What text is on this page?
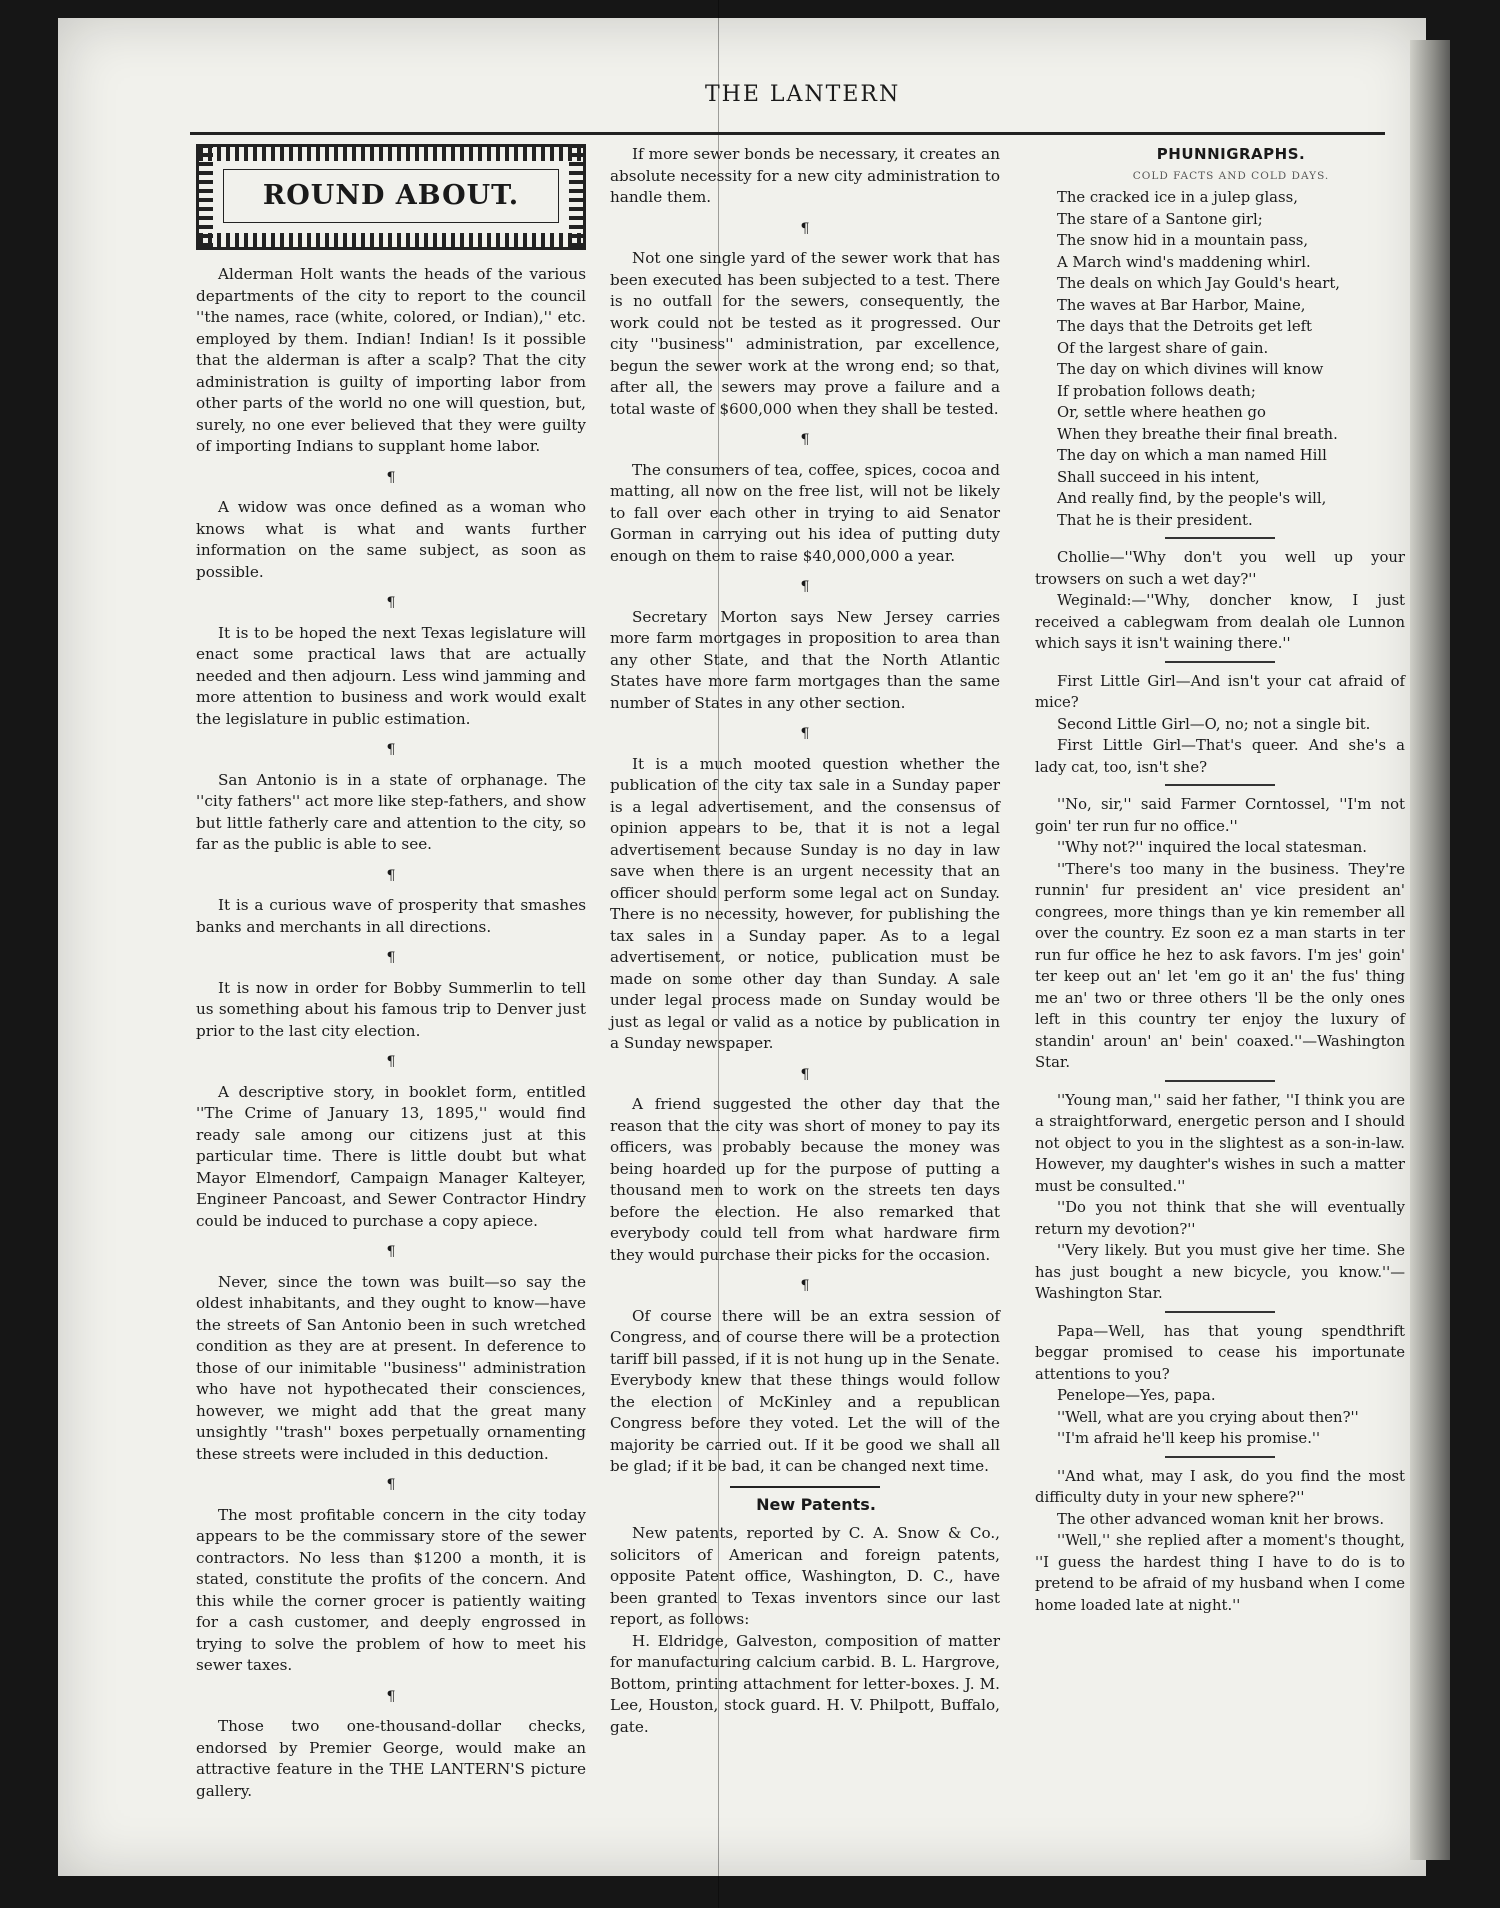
THE LANTERN
ROUND ABOUT.

Alderman Holt wants the heads of the various departments of the city to report to the council ''the names, race (white, colored, or Indian),'' etc. employed by them. Indian! Indian! Is it possible that the alderman is after a scalp? That the city administration is guilty of importing labor from other parts of the world no one will question, but, surely, no one ever believed that they were guilty of importing Indians to supplant home labor.

¶

A widow was once defined as a woman who knows what is what and wants further information on the same subject, as soon as possible.

¶

It is to be hoped the next Texas legislature will enact some practical laws that are actually needed and then adjourn. Less wind jamming and more attention to business and work would exalt the legislature in public estimation.

¶

San Antonio is in a state of orphanage. The ''city fathers'' act more like step-fathers, and show but little fatherly care and attention to the city, so far as the public is able to see.

¶

It is a curious wave of prosperity that smashes banks and merchants in all directions.

¶

It is now in order for Bobby Summerlin to tell us something about his famous trip to Denver just prior to the last city election.

¶

A descriptive story, in booklet form, entitled ''The Crime of January 13, 1895,'' would find ready sale among our citizens just at this particular time. There is little doubt but what Mayor Elmendorf, Campaign Manager Kalteyer, Engineer Pancoast, and Sewer Contractor Hindry could be induced to purchase a copy apiece.

¶

Never, since the town was built—so say the oldest inhabitants, and they ought to know—have the streets of San Antonio been in such wretched condition as they are at present. In deference to those of our inimitable ''business'' administration who have not hypothecated their consciences, however, we might add that the great many unsightly ''trash'' boxes perpetually ornamenting these streets were included in this deduction.

¶

The most profitable concern in the city today appears to be the commissary store of the sewer contractors. No less than $1200 a month, it is stated, constitute the profits of the concern. And this while the corner grocer is patiently waiting for a cash customer, and deeply engrossed in trying to solve the problem of how to meet his sewer taxes.

¶

Those two one-thousand-dollar checks, endorsed by Premier George, would make an attractive feature in the THE LANTERN'S picture gallery.

If more sewer bonds be necessary, it creates an absolute necessity for a new city administration to handle them.

¶

Not one single yard of the sewer work that has been executed has been subjected to a test. There is no outfall for the sewers, consequently, the work could not be tested as it progressed. Our city ''business'' administration, par excellence, begun the sewer work at the wrong end; so that, after all, the sewers may prove a failure and a total waste of $600,000 when they shall be tested.

¶

The consumers of tea, coffee, spices, cocoa and matting, all now on the free list, will not be likely to fall over each other in trying to aid Senator Gorman in carrying out his idea of putting duty enough on them to raise $40,000,000 a year.

¶

Secretary Morton says New Jersey carries more farm mortgages in proposition to area than any other State, and that the North Atlantic States have more farm mortgages than the same number of States in any other section.

¶

It is a much mooted question whether the publication of the city tax sale in a Sunday paper is a legal advertisement, and the consensus of opinion appears to be, that it is not a legal advertisement because Sunday is no day in law save when there is an urgent necessity that an officer should perform some legal act on Sunday. There is no necessity, however, for publishing the tax sales in a Sunday paper. As to a legal advertisement, or notice, publication must be made on some other day than Sunday. A sale under legal process made on Sunday would be just as legal or valid as a notice by publication in a Sunday newspaper.

¶

A friend suggested the other day that the reason that the city was short of money to pay its officers, was probably because the money was being hoarded up for the purpose of putting a thousand men to work on the streets ten days before the election. He also remarked that everybody could tell from what hardware firm they would purchase their picks for the occasion.

¶

Of course there will be an extra session of Congress, and of course there will be a protection tariff bill passed, if it is not hung up in the Senate. Everybody knew that these things would follow the election of McKinley and a republican Congress before they voted. Let the will of the majority be carried out. If it be good we shall all be glad; if it be bad, it can be changed next time.

New Patents.

New patents, reported by C. A. Snow & Co., solicitors of American and foreign patents, opposite Patent office, Washington, D. C., have been granted to Texas inventors since our last report, as follows:

H. Eldridge, Galveston, composition of matter for manufacturing calcium carbid. B. L. Hargrove, Bottom, printing attachment for letter-boxes. J. M. Lee, Houston, stock guard. H. V. Philpott, Buffalo, gate.

PHUNNIGRAPHS.

COLD FACTS AND COLD DAYS.

The cracked ice in a julep glass,

The stare of a Santone girl;

The snow hid in a mountain pass,

A March wind's maddening whirl.

The deals on which Jay Gould's heart,

The waves at Bar Harbor, Maine,

The days that the Detroits get left

Of the largest share of gain.

The day on which divines will know

If probation follows death;

Or, settle where heathen go

When they breathe their final breath.

The day on which a man named Hill

Shall succeed in his intent,

And really find, by the people's will,

That he is their president.

Chollie—''Why don't you well up your trowsers on such a wet day?''

Weginald:—''Why, doncher know, I just received a cablegwam from dealah ole Lunnon which says it isn't waining there.''

First Little Girl—And isn't your cat afraid of mice?

Second Little Girl—O, no; not a single bit.

First Little Girl—That's queer. And she's a lady cat, too, isn't she?

''No, sir,'' said Farmer Corntossel, ''I'm not goin' ter run fur no office.''

''Why not?'' inquired the local statesman.

''There's too many in the business. They're runnin' fur president an' vice president an' congrees, more things than ye kin remember all over the country. Ez soon ez a man starts in ter run fur office he hez to ask favors. I'm jes' goin' ter keep out an' let 'em go it an' the fus' thing me an' two or three others 'll be the only ones left in this country ter enjoy the luxury of standin' aroun' an' bein' coaxed.''—Washington Star.

''Young man,'' said her father, ''I think you are a straightforward, energetic person and I should not object to you in the slightest as a son-in-law. However, my daughter's wishes in such a matter must be consulted.''

''Do you not think that she will eventually return my devotion?''

''Very likely. But you must give her time. She has just bought a new bicycle, you know.''—Washington Star.

Papa—Well, has that young spendthrift beggar promised to cease his importunate attentions to you?

Penelope—Yes, papa.

''Well, what are you crying about then?''

''I'm afraid he'll keep his promise.''

''And what, may I ask, do you find the most difficulty duty in your new sphere?''

The other advanced woman knit her brows.

''Well,'' she replied after a moment's thought, ''I guess the hardest thing I have to do is to pretend to be afraid of my husband when I come home loaded late at night.''
